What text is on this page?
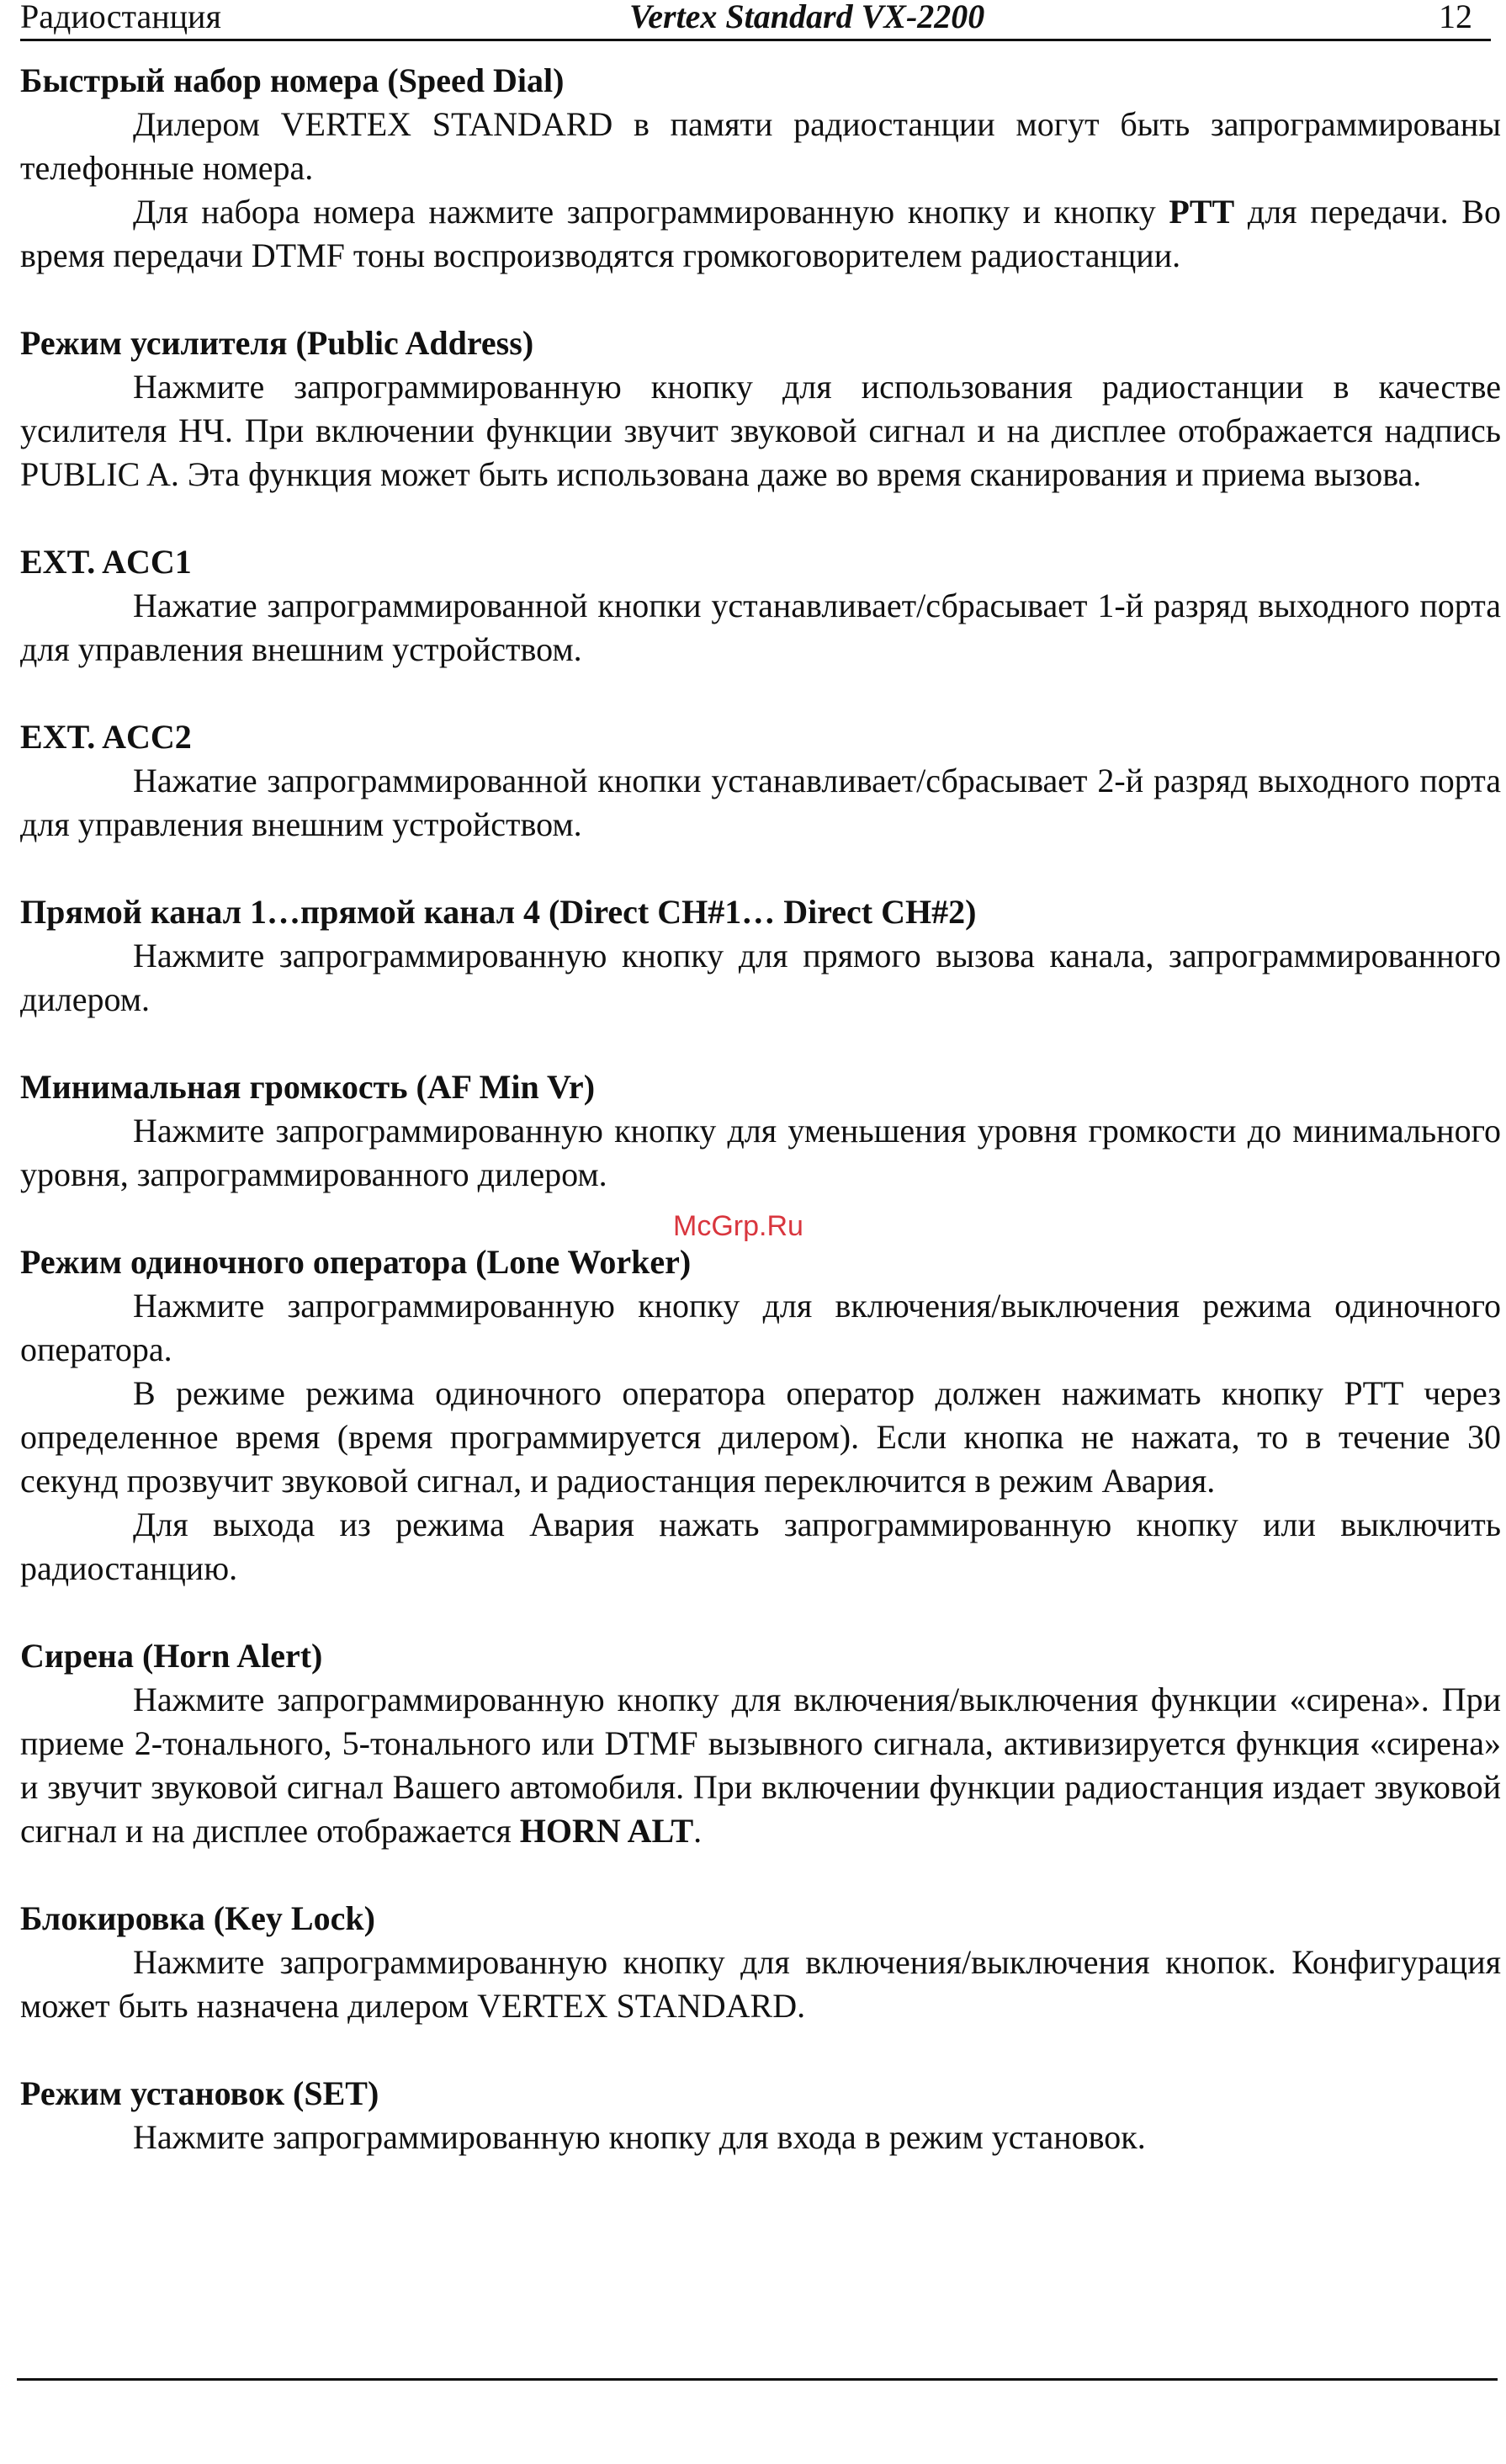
Радиостанция	Vertex Standard VX-2200	12
Быстрый набор номера (Speed Dial)

Дилером VERTEX STANDARD в памяти радиостанции могут быть запрограммированы телефонные номера.

Для набора номера нажмите запрограммированную кнопку и кнопку PTT для передачи. Во время передачи DTMF тоны воспроизводятся громкоговорителем радиостанции.

Режим усилителя (Public Address)

Нажмите запрограммированную кнопку для использования радиостанции в качестве усилителя НЧ. При включении функции звучит звуковой сигнал и на дисплее отображается надпись PUBLIC A. Эта функция может быть использована даже во время сканирования и приема вызова.

EXT. ACC1

Нажатие запрограммированной кнопки устанавливает/сбрасывает 1-й разряд выходного порта для управления внешним устройством.

EXT. ACC2

Нажатие запрограммированной кнопки устанавливает/сбрасывает 2-й разряд выходного порта для управления внешним устройством.

Прямой канал 1…прямой канал 4 (Direct CH#1… Direct CH#2)

Нажмите запрограммированную кнопку для прямого вызова канала, запрограммированного дилером.

Минимальная громкость (AF Min Vr)

Нажмите запрограммированную кнопку для уменьшения уровня громкости до минимального уровня, запрограммированного дилером.

Режим одиночного оператора (Lone Worker)

Нажмите запрограммированную кнопку для включения/выключения режима одиночного оператора.

В режиме режима одиночного оператора оператор должен нажимать кнопку PTT через определенное время (время программируется дилером). Если кнопка не нажата, то в течение 30 секунд прозвучит звуковой сигнал, и радиостанция переключится в режим Авария.

Для выхода из режима Авария нажать запрограммированную кнопку или выключить радиостанцию.

Сирена (Horn Alert)

Нажмите запрограммированную кнопку для включения/выключения функции «сирена». При приеме 2-тонального, 5-тонального или DTMF вызывного сигнала, активизируется функция «сирена» и звучит звуковой сигнал Вашего автомобиля. При включении функции радиостанция издает звуковой сигнал и на дисплее отображается HORN ALT.

Блокировка (Key Lock)

Нажмите запрограммированную кнопку для включения/выключения кнопок. Конфигурация может быть назначена дилером VERTEX STANDARD.

Режим установок (SET)

Нажмите запрограммированную кнопку для входа в режим установок.

McGrp.Ru
